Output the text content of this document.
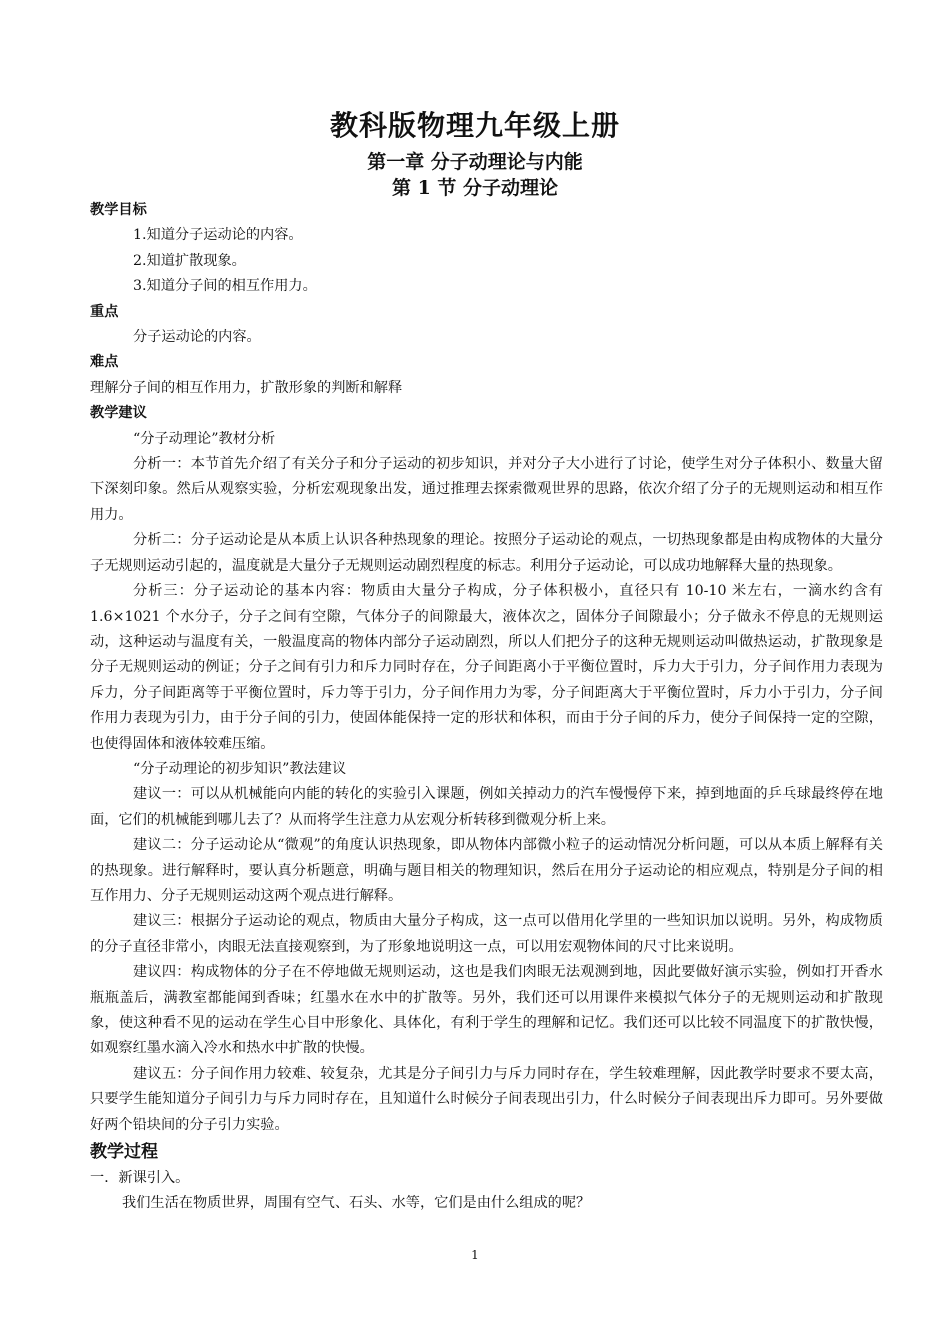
教科版物理九年级上册
第一章 分子动理论与内能
第 1 节 分子动理论

教学目标

1.知道分子运动论的内容。

2.知道扩散现象。

3.知道分子间的相互作用力。

重点

分子运动论的内容。

难点

理解分子间的相互作用力，扩散形象的判断和解释

教学建议

“分子动理论”教材分析

分析一：本节首先介绍了有关分子和分子运动的初步知识，并对分子大小进行了讨论，使学生对分子体积小、数量大留下深刻印象。然后从观察实验，分析宏观现象出发，通过推理去探索微观世界的思路，依次介绍了分子的无规则运动和相互作用力。

分析二：分子运动论是从本质上认识各种热现象的理论。按照分子运动论的观点，一切热现象都是由构成物体的大量分子无规则运动引起的，温度就是大量分子无规则运动剧烈程度的标志。利用分子运动论，可以成功地解释大量的热现象。

分析三：分子运动论的基本内容：物质由大量分子构成，分子体积极小，直径只有 10-10 米左右，一滴水约含有 1.6×1021 个水分子，分子之间有空隙，气体分子的间隙最大，液体次之，固体分子间隙最小；分子做永不停息的无规则运动，这种运动与温度有关，一般温度高的物体内部分子运动剧烈，所以人们把分子的这种无规则运动叫做热运动，扩散现象是分子无规则运动的例证；分子之间有引力和斥力同时存在，分子间距离小于平衡位置时，斥力大于引力，分子间作用力表现为斥力，分子间距离等于平衡位置时，斥力等于引力，分子间作用力为零，分子间距离大于平衡位置时，斥力小于引力，分子间作用力表现为引力，由于分子间的引力，使固体能保持一定的形状和体积，而由于分子间的斥力，使分子间保持一定的空隙，也使得固体和液体较难压缩。

“分子动理论的初步知识”教法建议

建议一：可以从机械能向内能的转化的实验引入课题，例如关掉动力的汽车慢慢停下来，掉到地面的乒乓球最终停在地面，它们的机械能到哪儿去了？从而将学生注意力从宏观分析转移到微观分析上来。

建议二：分子运动论从“微观”的角度认识热现象，即从物体内部微小粒子的运动情况分析问题，可以从本质上解释有关的热现象。进行解释时，要认真分析题意，明确与题目相关的物理知识，然后在用分子运动论的相应观点，特别是分子间的相互作用力、分子无规则运动这两个观点进行解释。

建议三：根据分子运动论的观点，物质由大量分子构成，这一点可以借用化学里的一些知识加以说明。另外，构成物质的分子直径非常小，肉眼无法直接观察到，为了形象地说明这一点，可以用宏观物体间的尺寸比来说明。

建议四：构成物体的分子在不停地做无规则运动，这也是我们肉眼无法观测到地，因此要做好演示实验，例如打开香水瓶瓶盖后，满教室都能闻到香味；红墨水在水中的扩散等。另外，我们还可以用课件来模拟气体分子的无规则运动和扩散现象，使这种看不见的运动在学生心目中形象化、具体化，有利于学生的理解和记忆。我们还可以比较不同温度下的扩散快慢，如观察红墨水滴入冷水和热水中扩散的快慢。

建议五：分子间作用力较难、较复杂，尤其是分子间引力与斥力同时存在，学生较难理解，因此教学时要求不要太高，只要学生能知道分子间引力与斥力同时存在，且知道什么时候分子间表现出引力，什么时候分子间表现出斥力即可。另外要做好两个铅块间的分子引力实验。

教学过程

一．新课引入。

我们生活在物质世界，周围有空气、石头、水等，它们是由什么组成的呢？

1
